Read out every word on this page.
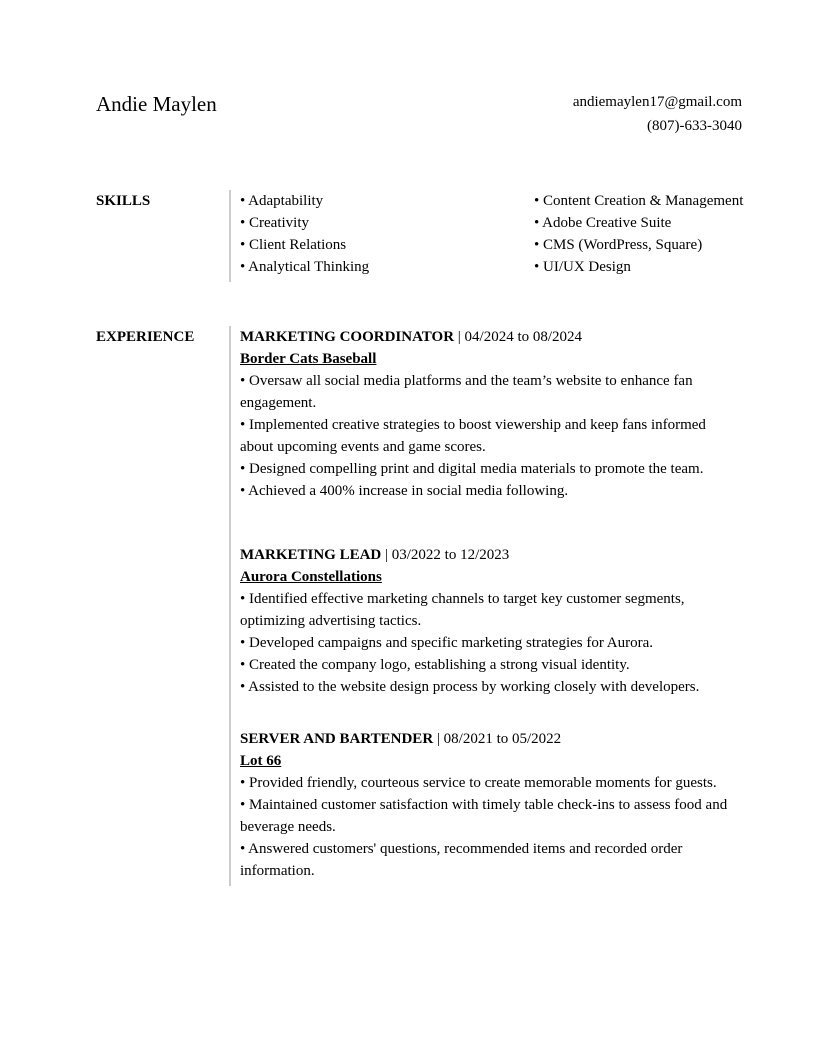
Andie Maylen	andiemaylen17@gmail.com
(807)-633-3040
SKILLS	• Adaptability
• Creativity
• Client Relations
• Analytical Thinking
• Content Creation & Management
• Adobe Creative Suite
• CMS (WordPress, Square)
• UI/UX Design
EXPERIENCE	MARKETING COORDINATOR | 04/2024 to 08/2024
Border Cats Baseball
• Oversaw all social media platforms and the team’s website to enhance fan engagement.
• Implemented creative strategies to boost viewership and keep fans informed about upcoming events and game scores.
• Designed compelling print and digital media materials to promote the team.
• Achieved a 400% increase in social media following.
MARKETING LEAD | 03/2022 to 12/2023
Aurora Constellations
• Identified effective marketing channels to target key customer segments, optimizing advertising tactics.
• Developed campaigns and specific marketing strategies for Aurora.
• Created the company logo, establishing a strong visual identity.
• Assisted to the website design process by working closely with developers.
SERVER AND BARTENDER | 08/2021 to 05/2022
Lot 66
• Provided friendly, courteous service to create memorable moments for guests.
• Maintained customer satisfaction with timely table check-ins to assess food and beverage needs.
• Answered customers' questions, recommended items and recorded order information.
